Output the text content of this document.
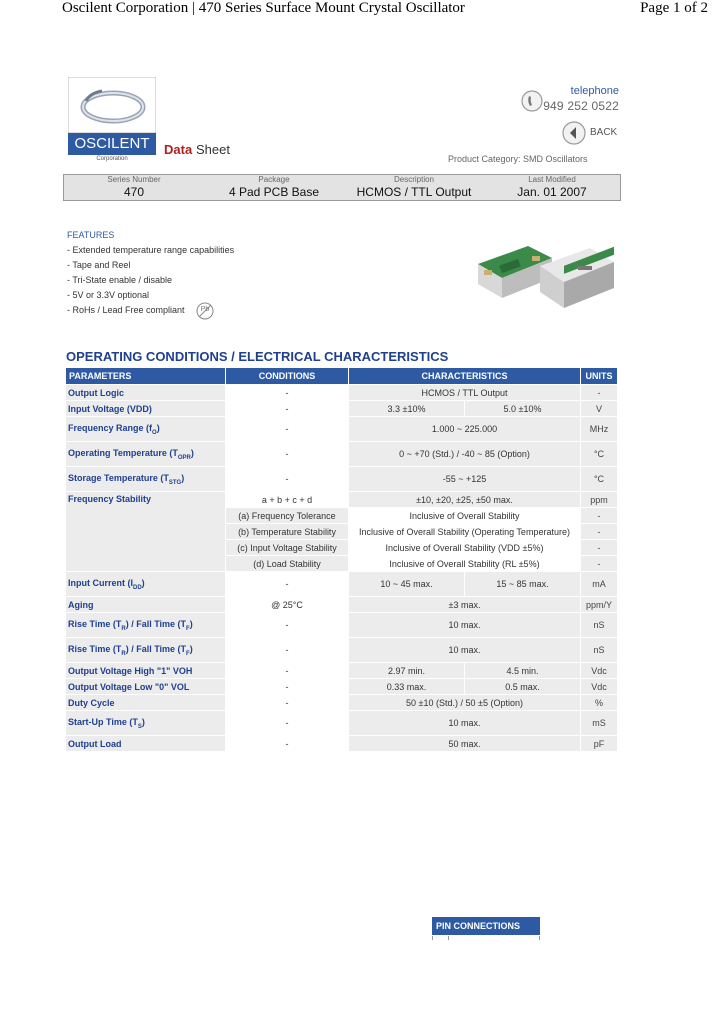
Oscilent Corporation | 470 Series Surface Mount Crystal Oscillator	Page 1 of 2
OSCILENT
Corporation
Data Sheet
telephone
949 252 0522
BACK
Product Category: SMD Oscillators
Series Number	Package	Description	Last Modified
470	4 Pad PCB Base	HCMOS / TTL Output	Jan. 01 2007
FEATURES
- Extended temperature range capabilities
- Tape and Reel
- Tri-State enable / disable
- 5V or 3.3V optional
- RoHs / Lead Free compliant	Pb
OPERATING CONDITIONS / ELECTRICAL CHARACTERISTICS
PARAMETERS	CONDITIONS	CHARACTERISTICS		UNITS
Output Logic	-	HCMOS / TTL Output		-
Input Voltage (VDD)	-	3.3 ±10%	5.0 ±10%	V
Frequency Range $(f_O)$	-	1.000 ~ 225.000		MHz
Operating Temperature $(T_{OPR})$	-	0 ~ +70 (Std.) / -40 ~ 85 (Option)		°C
Storage Temperature $(T_{STG})$	-	-55 ~ +125		°C
Frequency Stability	a + b + c + d	±10, ±20, ±25, ±50 max.		ppm
	(a) Frequency Tolerance	Inclusive of Overall Stability		-
	(b) Temperature Stability	Inclusive of Overall Stability (Operating Temperature)		-
	(c) Input Voltage Stability	Inclusive of Overall Stability (VDD ±5%)		-
	(d) Load Stability	Inclusive of Overall Stability (RL ±5%)		-
Input Current $(I_{DD})$	-	10 ~ 45 max.	15 ~ 85 max.	mA
Aging	@ 25°C	±3 max.		ppm/Y
Rise Time $(T_R)$ / Fall Time $(T_F)$	-	10 max.		nS
Rise Time $(T_R)$ / Fall Time $(T_F)$	-	10 max.		nS
Output Voltage High "1" VOH	-	2.97 min.	4.5 min.	Vdc
Output Voltage Low "0" VOL	-	0.33 max.	0.5 max.	Vdc
Duty Cycle	-	50 ±10 (Std.) / 50 ±5 (Option)		%
Start-Up Time $(T_S)$	-	10 max.		mS
Output Load	-	50 max.		pF
PIN CONNECTIONS
